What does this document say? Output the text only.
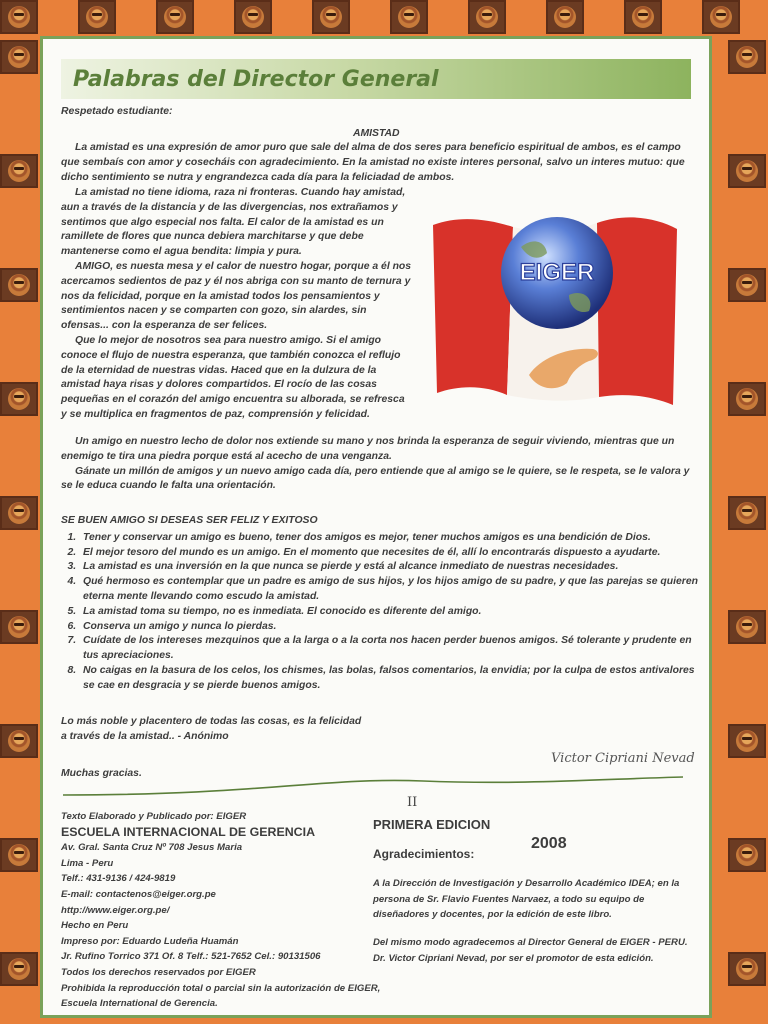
Palabras del Director General
Respetado estudiante:
AMISTAD

La amistad es una expresión de amor puro que sale del alma de dos seres para beneficio espiritual de ambos, es el campo que sembaís con amor y cosecháis con agradecimiento. En la amistad no existe interes personal, salvo un interes mutuo: que dicho sentimiento se nutra y engrandezca cada día para la feliciadad de ambos.

La amistad no tiene idioma, raza ni fronteras. Cuando hay amistad, aun a través de la distancia y de las divergencias, nos extrañamos y sentimos que algo especial nos falta. El calor de la amistad es un ramillete de flores que nunca debiera marchitarse y que debe mantenerse como el agua bendita: limpia y pura.

AMIGO, es nuesta mesa y el calor de nuestro hogar, porque a él nos acercamos sedientos de paz y él nos abriga con su manto de ternura y nos da felicidad, porque en la amistad todos los pensamientos y sentimientos nacen y se comparten con gozo, sin alardes, sin ofensas... con la esperanza de ser felices.

Que lo mejor de nosotros sea para nuestro amigo. Si el amigo conoce el flujo de nuestra esperanza, que también conozca el reflujo de la eternidad de nuestras vidas. Haced que en la dulzura de la amistad haya risas y dolores compartidos. El rocío de las cosas pequeñas en el corazón del amigo encuentra su alborada, se refresca y se multiplica en fragmentos de paz, comprensión y felicidad.

EIGER

Un amigo en nuestro lecho de dolor nos extiende su mano y nos brinda la esperanza de seguir viviendo, mientras que un enemigo te tira una piedra porque está al acecho de una venganza.

Gánate un millón de amigos y un nuevo amigo cada día, pero entiende que al amigo se le quiere, se le respeta, se le valora y se le educa cuando le falta una orientación.

SE BUEN AMIGO SI DESEAS SER FELIZ Y EXITOSO
1. Tener y conservar un amigo es bueno, tener dos amigos es mejor, tener muchos amigos es una bendición de Dios.
2. El mejor tesoro del mundo es un amigo. En el momento que necesites de él, allí lo encontrarás dispuesto a ayudarte.
3. La amistad es una inversión en la que nunca se pierde y está al alcance inmediato de nuestras necesidades.
4. Qué hermoso es contemplar que un padre es amigo de sus hijos, y los hijos amigo de su padre, y que las parejas se quieren eterna mente llevando como escudo la amistad.
5. La amistad toma su tiempo, no es inmediata. El conocido es diferente del amigo.
6. Conserva un amigo y nunca lo pierdas.
7. Cuídate de los intereses mezquinos que a la larga o a la corta nos hacen perder buenos amigos. Sé tolerante y prudente en tus apreciaciones.
8. No caigas en la basura de los celos, los chismes, las bolas, falsos comentarios, la envidia; por la culpa de estos antivalores se cae en desgracia y se pierde buenos amigos.
Lo más noble y placentero de todas las cosas, es la felicidad
a través de la amistad.. - Anónimo
Muchas gracias.
Victor Cipriani Nevad
II
Texto Elaborado y Publicado por: EIGER
ESCUELA INTERNACIONAL DE GERENCIA
Av. Gral. Santa Cruz Nº 708 Jesus Maria
Lima - Peru
Telf.: 431-9136 / 424-9819
E-mail: contactenos@eiger.org.pe
http://www.eiger.org.pe/
Hecho en Peru
Impreso por: Eduardo Ludeña Huamán
Jr. Rufino Torrico 371 Of. 8 Telf.: 521-7652 Cel.: 90131506
Todos los derechos reservados por EIGER
Prohibida la reproducción total o parcial sin la autorización de EIGER, Escuela International de Gerencia.
PRIMERA EDICION
Agradecimientos:
A la Dirección de Investigación y Desarrollo Académico IDEA; en la persona de Sr. Flavio Fuentes Narvaez, a todo su equipo de diseñadores y docentes, por la edición de este libro.
Del mismo modo agradecemos al Director General de EIGER - PERU.
Dr. Victor Cipriani Nevad, por ser el promotor de esta edición.
2008
